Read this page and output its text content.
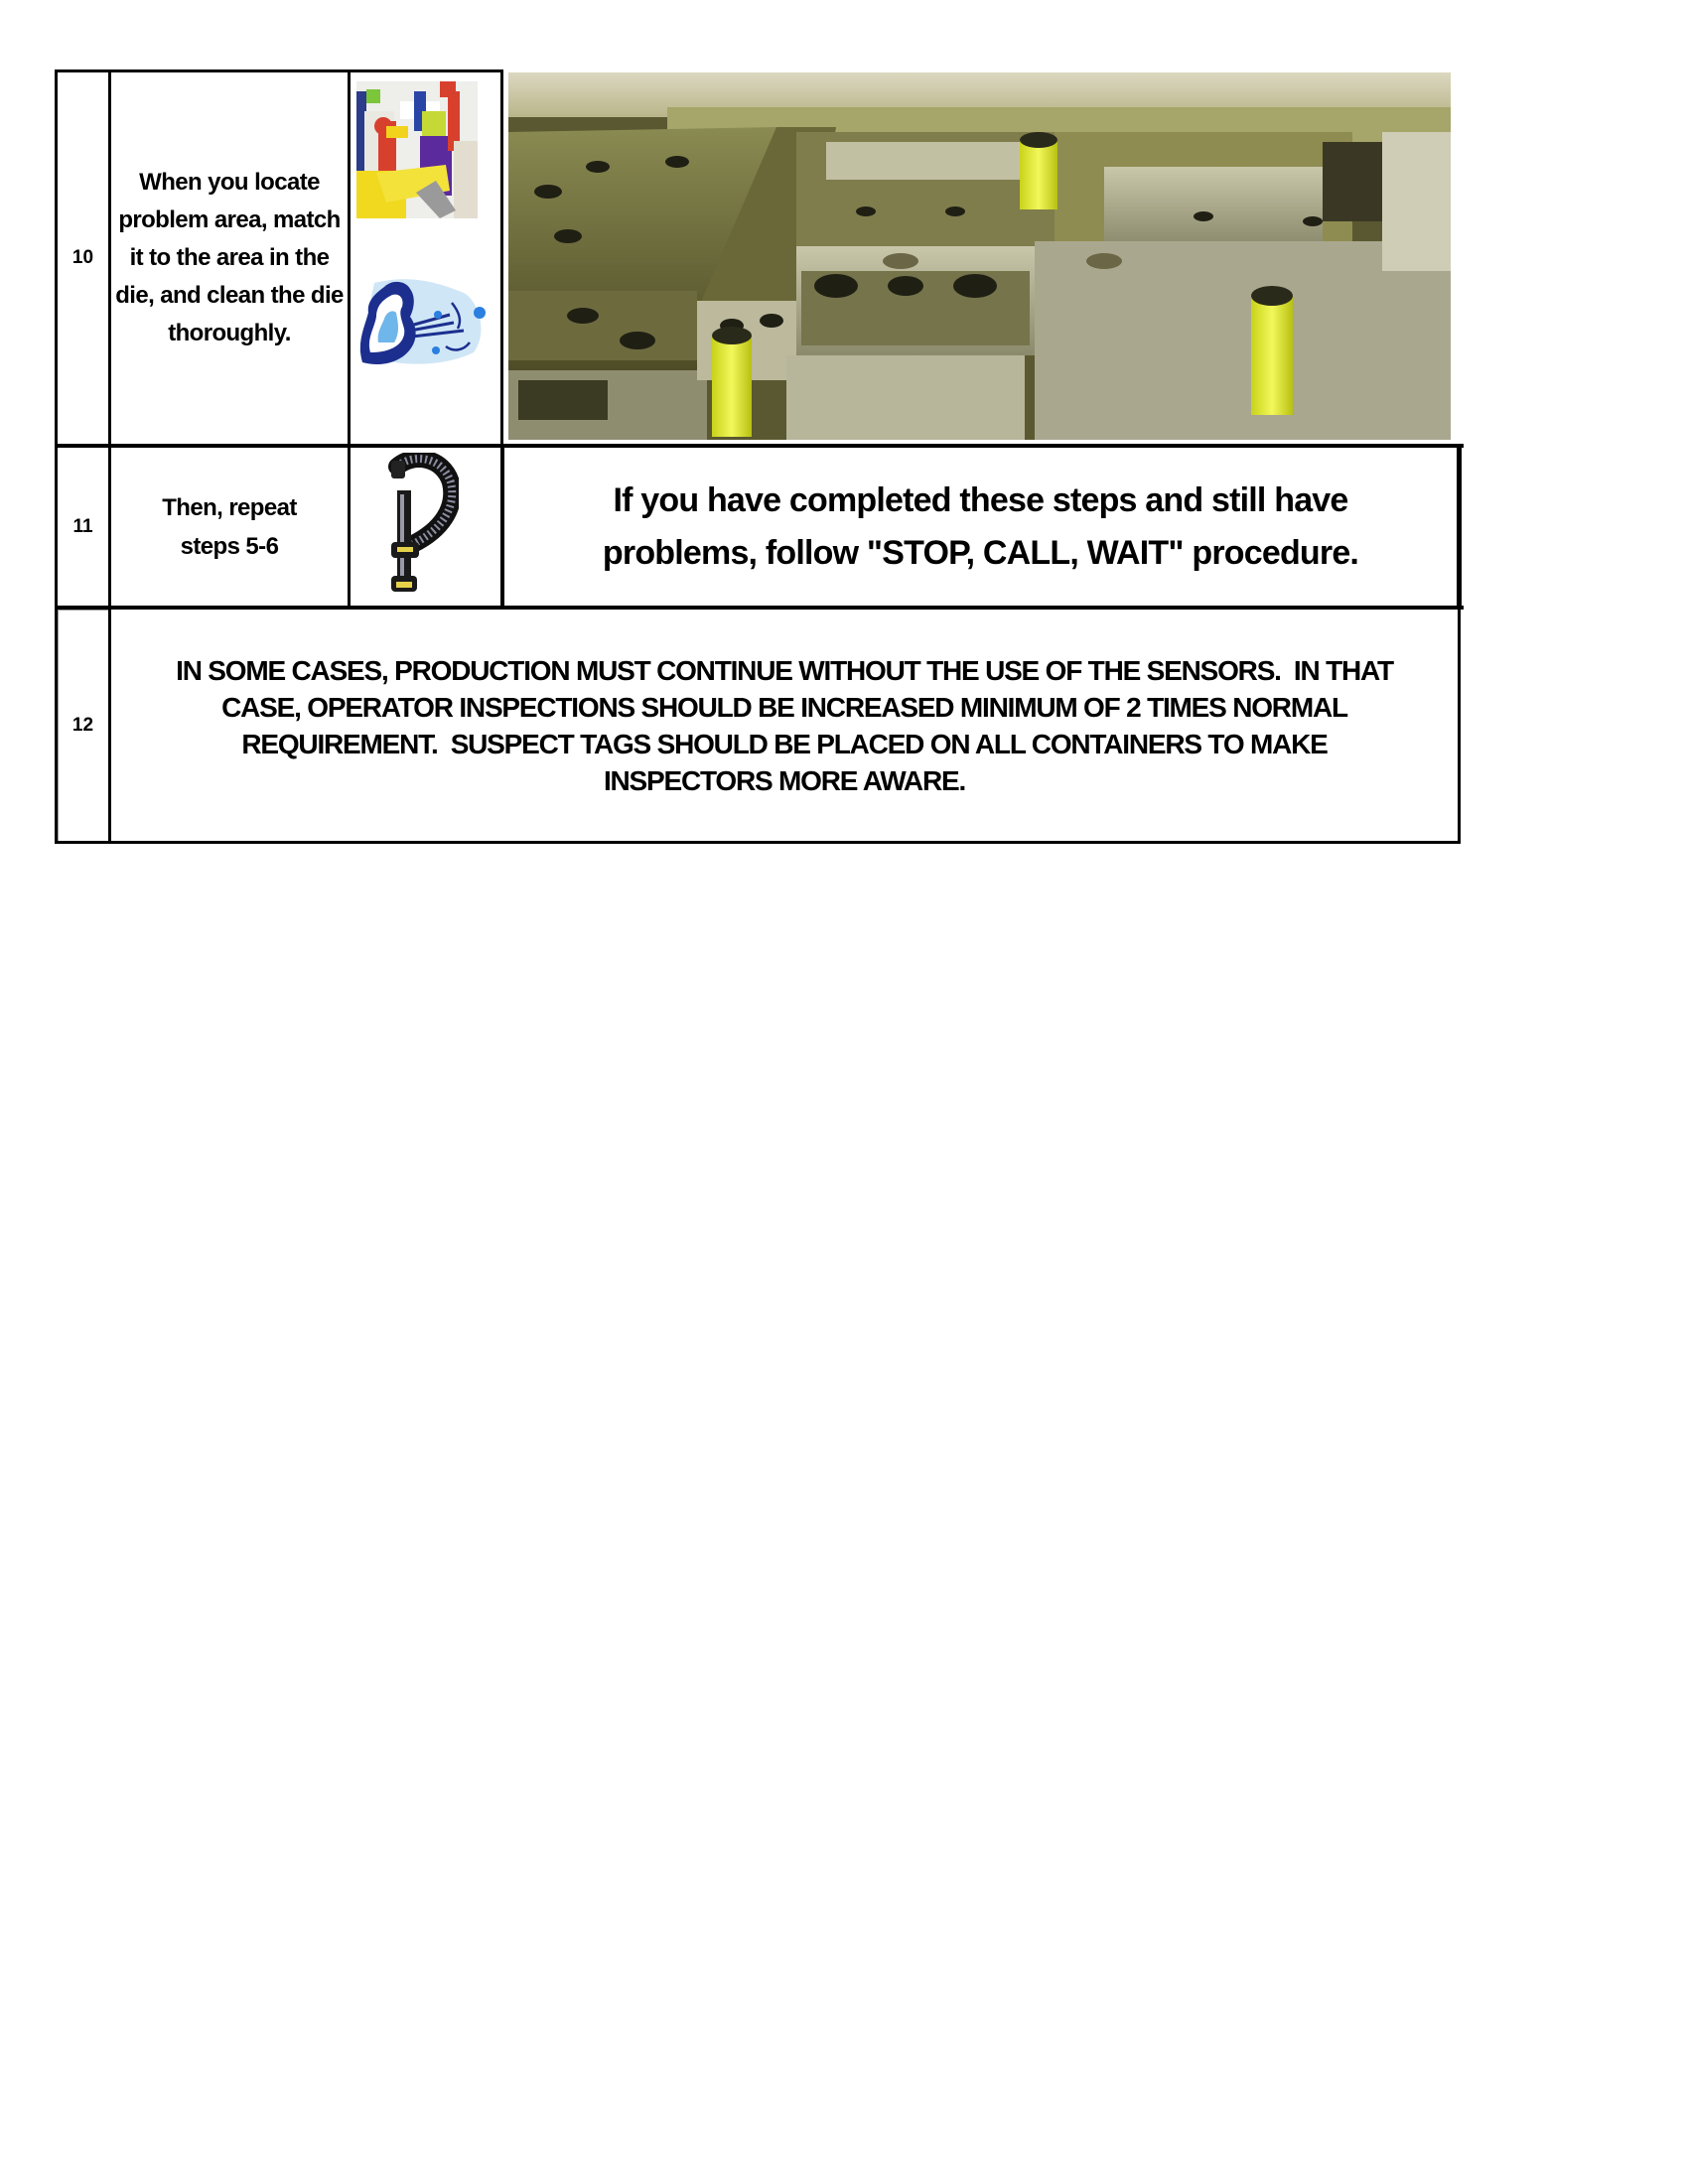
10
When you locate problem area, match it to the area in the die, and clean the die thoroughly.
11
Then, repeat steps 5-6
If you have completed these steps and still have problems, follow "STOP, CALL, WAIT" procedure.
12
IN SOME CASES, PRODUCTION MUST CONTINUE WITHOUT THE USE OF THE SENSORS.  IN THAT CASE, OPERATOR INSPECTIONS SHOULD BE INCREASED MINIMUM OF 2 TIMES NORMAL REQUIREMENT.  SUSPECT TAGS SHOULD BE PLACED ON ALL CONTAINERS TO MAKE INSPECTORS MORE AWARE.
